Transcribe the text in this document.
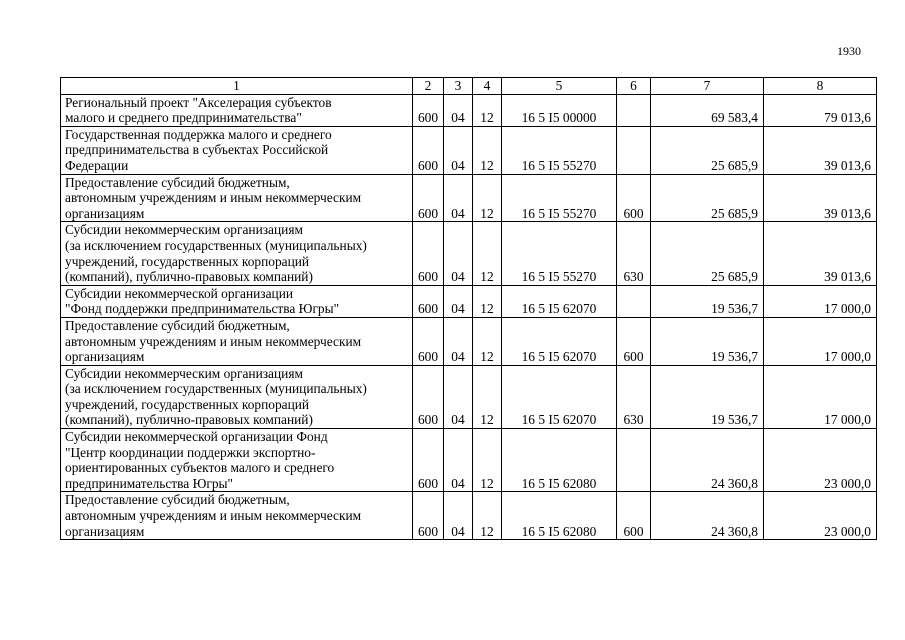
1930
1	2	3	4	5	6	7	8

Региональный проект "Акселерация субъектов
малого и среднего предпринимательства"	600	04	12	16 5 I5 00000		69 583,4	79 013,6

Государственная поддержка малого и среднего
предпринимательства в субъектах Российской
Федерации	600	04	12	16 5 I5 55270		25 685,9	39 013,6

Предоставление субсидий бюджетным,
автономным учреждениям и иным некоммерческим
организациям	600	04	12	16 5 I5 55270	600	25 685,9	39 013,6

Субсидии некоммерческим организациям
(за исключением государственных (муниципальных)
учреждений, государственных корпораций
(компаний), публично-правовых компаний)	600	04	12	16 5 I5 55270	630	25 685,9	39 013,6

Субсидии некоммерческой организации
"Фонд поддержки предпринимательства Югры"	600	04	12	16 5 I5 62070		19 536,7	17 000,0

Предоставление субсидий бюджетным,
автономным учреждениям и иным некоммерческим
организациям	600	04	12	16 5 I5 62070	600	19 536,7	17 000,0

Субсидии некоммерческим организациям
(за исключением государственных (муниципальных)
учреждений, государственных корпораций
(компаний), публично-правовых компаний)	600	04	12	16 5 I5 62070	630	19 536,7	17 000,0

Субсидии некоммерческой организации Фонд
"Центр координации поддержки экспортно-
ориентированных субъектов малого и среднего
предпринимательства Югры"	600	04	12	16 5 I5 62080		24 360,8	23 000,0

Предоставление субсидий бюджетным,
автономным учреждениям и иным некоммерческим
организациям	600	04	12	16 5 I5 62080	600	24 360,8	23 000,0
